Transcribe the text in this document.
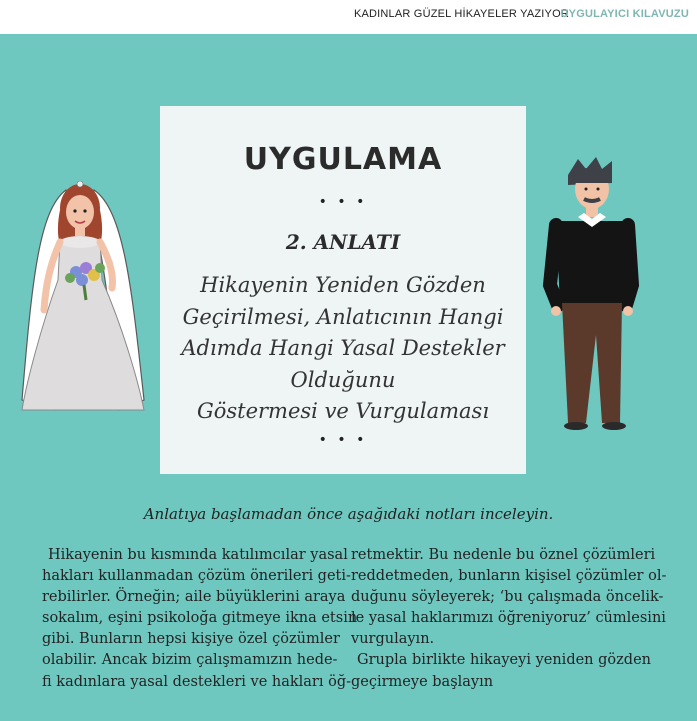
KADINLAR GÜZEL HİKAYELER YAZIYOR
UYGULAYICI KILAVUZU
UYGULAMA
• • •
2. ANLATI
Hikayenin Yeniden Gözden
Geçirilmesi, Anlatıcının Hangi
Adımda Hangi Yasal Destekler
Olduğunu
Göstermesi ve Vurgulaması
• • •
Anlatıya başlamadan önce aşağıdaki notları inceleyin.
Hikayenin bu kısmında katılımcılar yasal
hakları kullanmadan çözüm önerileri geti-
rebilirler. Örneğin; aile büyüklerini araya
sokalım, eşini psikoloğa gitmeye ikna etsin
gibi. Bunların hepsi kişiye özel çözümler
olabilir. Ancak bizim çalışmamızın hede-
fi kadınlara yasal destekleri ve hakları öğ-
retmektir. Bu nedenle bu öznel çözümleri
reddetmeden, bunların kişisel çözümler ol-
duğunu söyleyerek; ‘bu çalışmada öncelik-
le yasal haklarımızı öğreniyoruz’ cümlesini
vurgulayın.
Grupla birlikte hikayeyi yeniden gözden
geçirmeye başlayın
